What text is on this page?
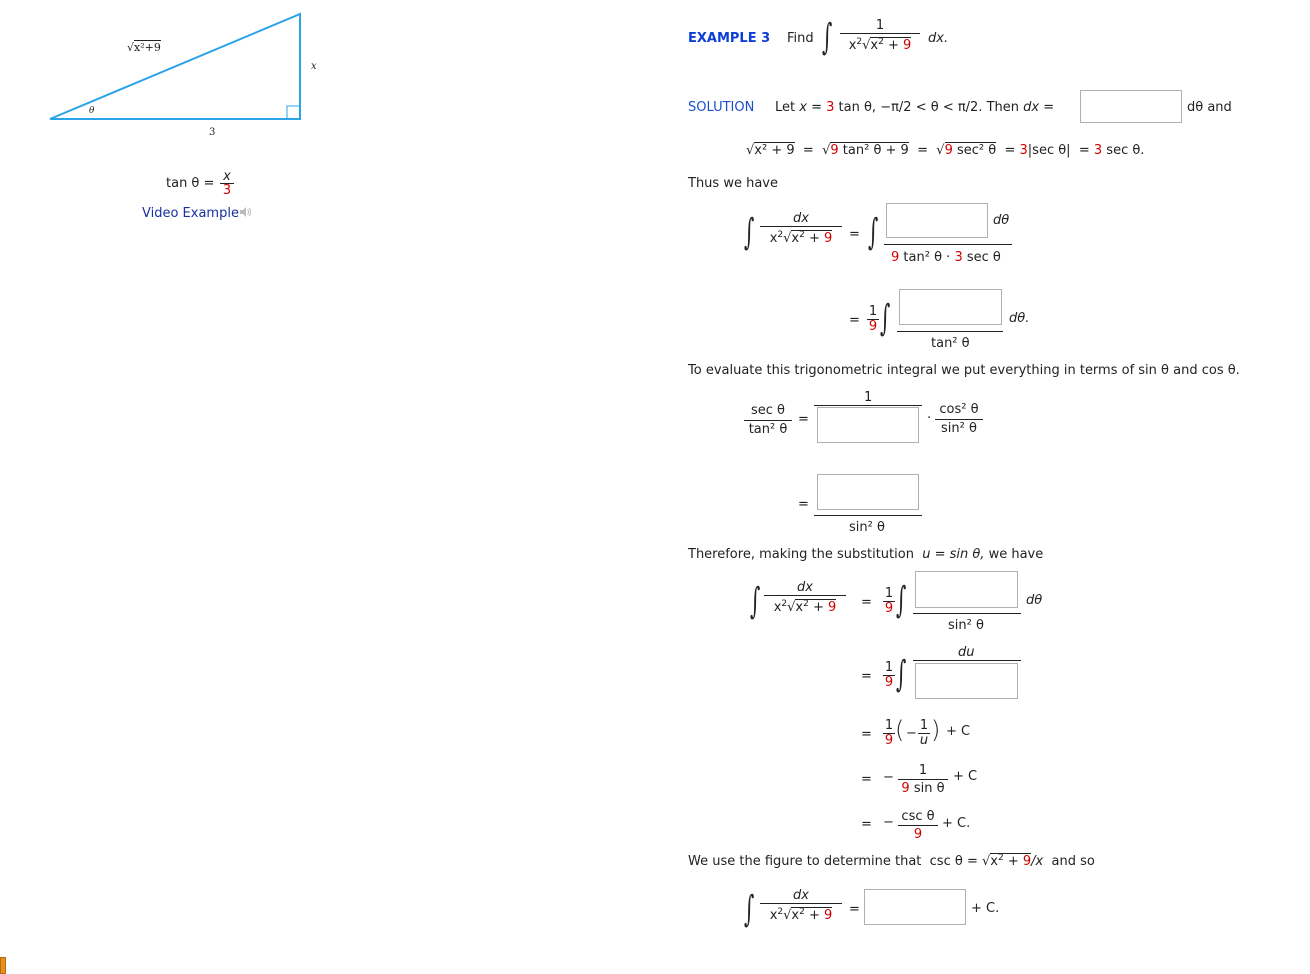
√x²+9
x
3
θ
$\tan \theta = \frac{x}{3}$
Video Example
EXAMPLE 3 Find ∫ $\frac{1}{x^2√x^2 + 9}$ dx.
SOLUTION Let x = 3 tan θ, −π/2 < θ < π/2. Then dx =	dθ and
√x² + 9 =  √9 tan² θ + 9 =  √9 sec² θ = 3|sec θ| = 3 sec θ.
Thus we have
∫ $\frac{dx}{x^2√x^2 + 9}$ = ∫	dθ
9 tan² θ · 3 sec θ
= $\frac{1}{9}$ ∫	dθ.
tan² θ
To evaluate this trigonometric integral we put everything in terms of sin θ and cos θ.
sec θ
tan² θ
=
1
· $\frac{\text{cos² θ}}{\text{sin² θ}}$
=
sin² θ
Therefore, making the substitution u = sin θ, we have
∫ $\frac{dx}{x^2√x^2 + 9} = \frac{1}{9}$ ∫	dθ
sin² θ
= $\frac{1}{9}$ ∫
du
= $\frac{1}{9}$ ( − $\frac{1}{u}$ ) + C
= − $\frac{1}{\text{9 sin θ}} + C$
= − csc θ
9
+ C.
We use the figure to determine that $\csc \theta = √x^2 + 9/x$ and so
∫ $\frac{dx}{x^2√x^2 + 9}$ =	+ C.
